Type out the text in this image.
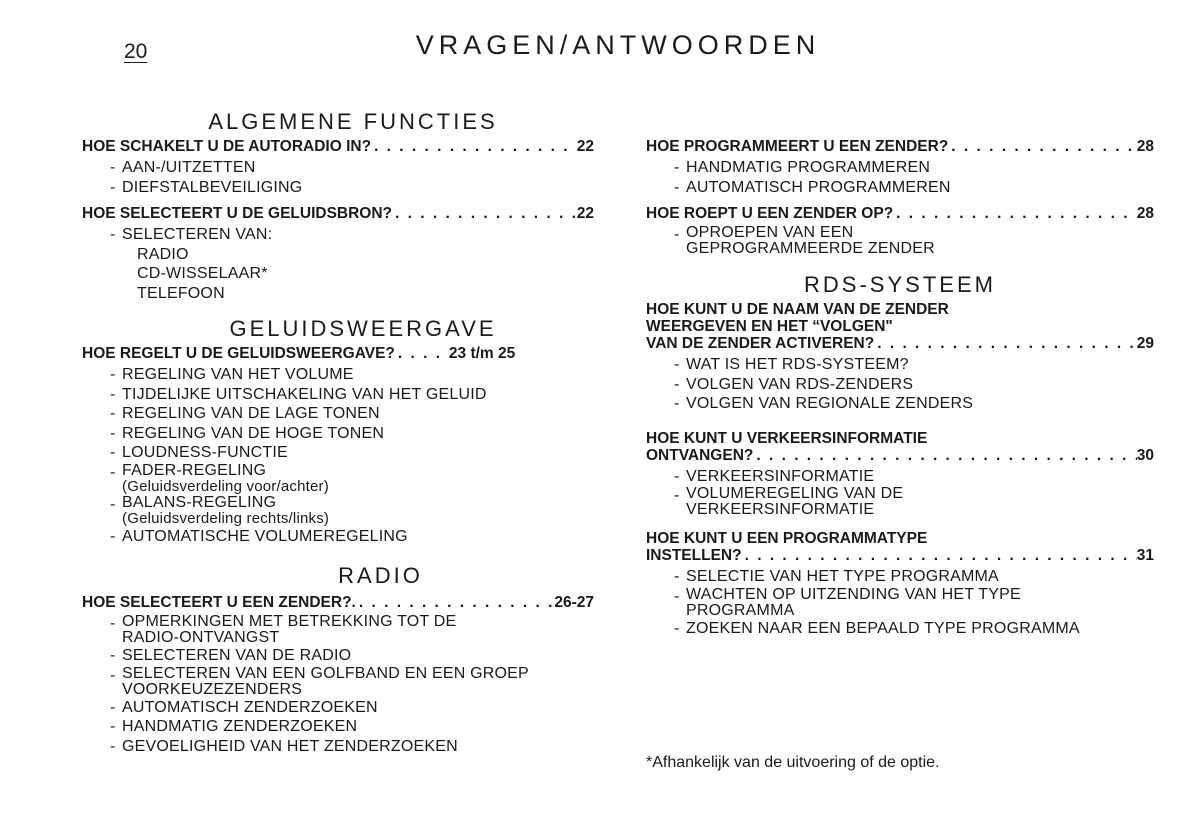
20	VRAGEN/ANTWOORDEN
ALGEMENE FUNCTIES
HOE SCHAKELT U DE AUTORADIO IN? . . .	22
- AAN-/UITZETTEN
- DIEFSTALBEVEILIGING
HOE SELECTEERT U DE GELUIDSBRON? . . .	22
- SELECTEREN VAN:
RADIO
CD-WISSELAAR*
TELEFOON
GELUIDSWEERGAVE
HOE REGELT U DE GELUIDSWEERGAVE? . . .	23 t/m 25
- REGELING VAN HET VOLUME
- TIJDELIJKE UITSCHAKELING VAN HET GELUID
- REGELING VAN DE LAGE TONEN
- REGELING VAN DE HOGE TONEN
- LOUDNESS-FUNCTIE
- FADER-REGELING
(Geluidsverdeling voor/achter)
- BALANS-REGELING
(Geluidsverdeling rechts/links)
- AUTOMATISCHE VOLUMEREGELING
RADIO
HOE SELECTEERT U EEN ZENDER?. . . .	26-27
- OPMERKINGEN MET BETREKKING TOT DE
RADIO-ONTVANGST
- SELECTEREN VAN DE RADIO
- SELECTEREN VAN EEN GOLFBAND EN EEN GROEP
VOORKEUZEZENDERS
- AUTOMATISCH ZENDERZOEKEN
- HANDMATIG ZENDERZOEKEN
- GEVOELIGHEID VAN HET ZENDERZOEKEN
HOE PROGRAMMEERT U EEN ZENDER? . . .	28
- HANDMATIG PROGRAMMEREN
- AUTOMATISCH PROGRAMMEREN
HOE ROEPT U EEN ZENDER OP? . . .	28
- OPROEPEN VAN EEN
GEPROGRAMMEERDE ZENDER
RDS-SYSTEEM
HOE KUNT U DE NAAM VAN DE ZENDER
WEERGEVEN EN HET “VOLGEN"
VAN DE ZENDER ACTIVEREN? . . .	29
- WAT IS HET RDS-SYSTEEM?
- VOLGEN VAN RDS-ZENDERS
- VOLGEN VAN REGIONALE ZENDERS
HOE KUNT U VERKEERSINFORMATIE
ONTVANGEN? . . .	30
- VERKEERSINFORMATIE
- VOLUMEREGELING VAN DE
VERKEERSINFORMATIE
HOE KUNT U EEN PROGRAMMATYPE
INSTELLEN? . . .	31
- SELECTIE VAN HET TYPE PROGRAMMA
- WACHTEN OP UITZENDING VAN HET TYPE
PROGRAMMA
- ZOEKEN NAAR EEN BEPAALD TYPE PROGRAMMA
*Afhankelijk van de uitvoering of de optie.
